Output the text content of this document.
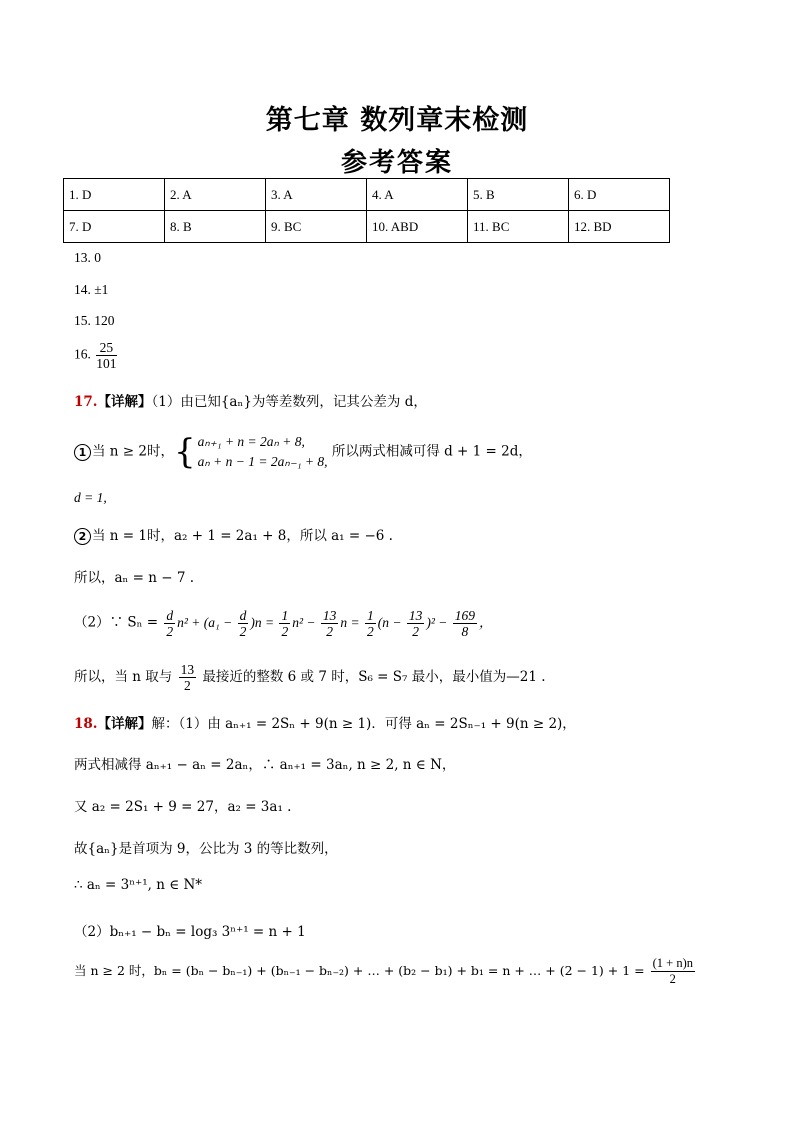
第七章 数列章末检测
参考答案
1. D	2. A	3. A	4. A	5. B	6. D
7. D	8. B	9. BC	10. ABD	11. BC	12. BD
13. 0
14. ±1
15. 120
16. $\frac{25}{101}$
17.【详解】（1）由已知{aₙ}为等差数列，记其公差为 d，
1 当 n ≥ 2时，{ aₙ₊₁ + n = 2aₙ + 8,
aₙ + n − 1 = 2aₙ₋₁ + 8,
所以两式相减可得 d + 1 = 2d，
d = 1,
2 当 n = 1时，a₂ + 1 = 2a₁ + 8，所以 a₁ = −6 .
所以，aₙ = n − 7 .
（2）∵ $S_n = \frac{d}{2} n^2 + (a_1 - \frac{d}{2} )n = \frac{1}{2} n^2 - \frac{13}{2}$ $n = \frac{1}{2} (n - \frac{13}{2} )^2 - \frac{169}{8}$ ，
所以，当 n 取与 $\frac{13}{2}$ 最接近的整数 6 或 7 时，S₆ = S₇ 最小，最小值为—21 .
18.【详解】解：（1）由 aₙ₊₁ = 2Sₙ + 9(n ≥ 1)．可得 aₙ = 2Sₙ₋₁ + 9(n ≥ 2)，
两式相减得 aₙ₊₁ − aₙ = 2aₙ，∴ aₙ₊₁ = 3aₙ, n ≥ 2, n ∈ N，
又 a₂ = 2S₁ + 9 = 27，a₂ = 3a₁ .
故{aₙ}是首项为 9，公比为 3 的等比数列，
∴ aₙ = 3ⁿ⁺¹, n ∈ N*
（2）bₙ₊₁ − bₙ = log₃ 3ⁿ⁺¹ = n + 1
当 n ≥ 2 时，bₙ = (bₙ − bₙ₋₁) + (bₙ₋₁ − bₙ₋₂) + … + (b₂ − b₁) + b₁ = n + … + $(2 - 1) + 1 = \frac{(1 + n)n}{2}$
